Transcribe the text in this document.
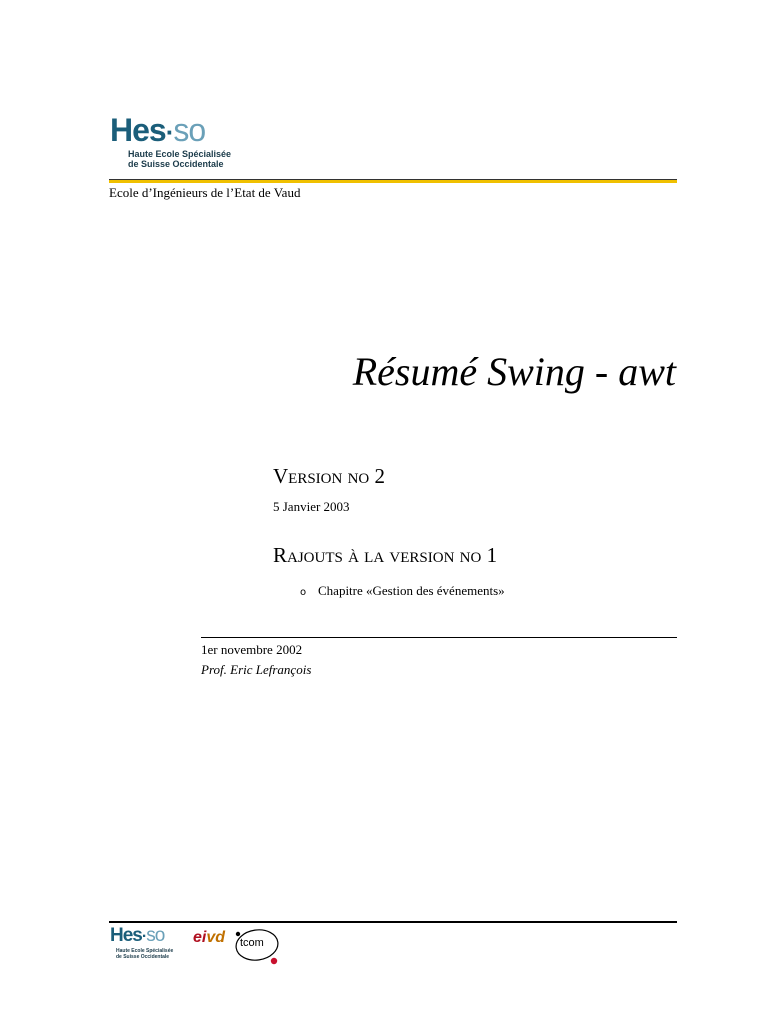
Hes·so
Haute Ecole Spécialisée
de Suisse Occidentale
Ecole d’Ingénieurs de l’Etat de Vaud
Résumé Swing - awt
Version no 2
5 Janvier 2003
Rajouts à la version no 1
o Chapitre «Gestion des événements»
1er novembre 2002
Prof. Eric Lefrançois
Hes·so
Haute Ecole Spécialisée
de Suisse Occidentale
eivd tcom
